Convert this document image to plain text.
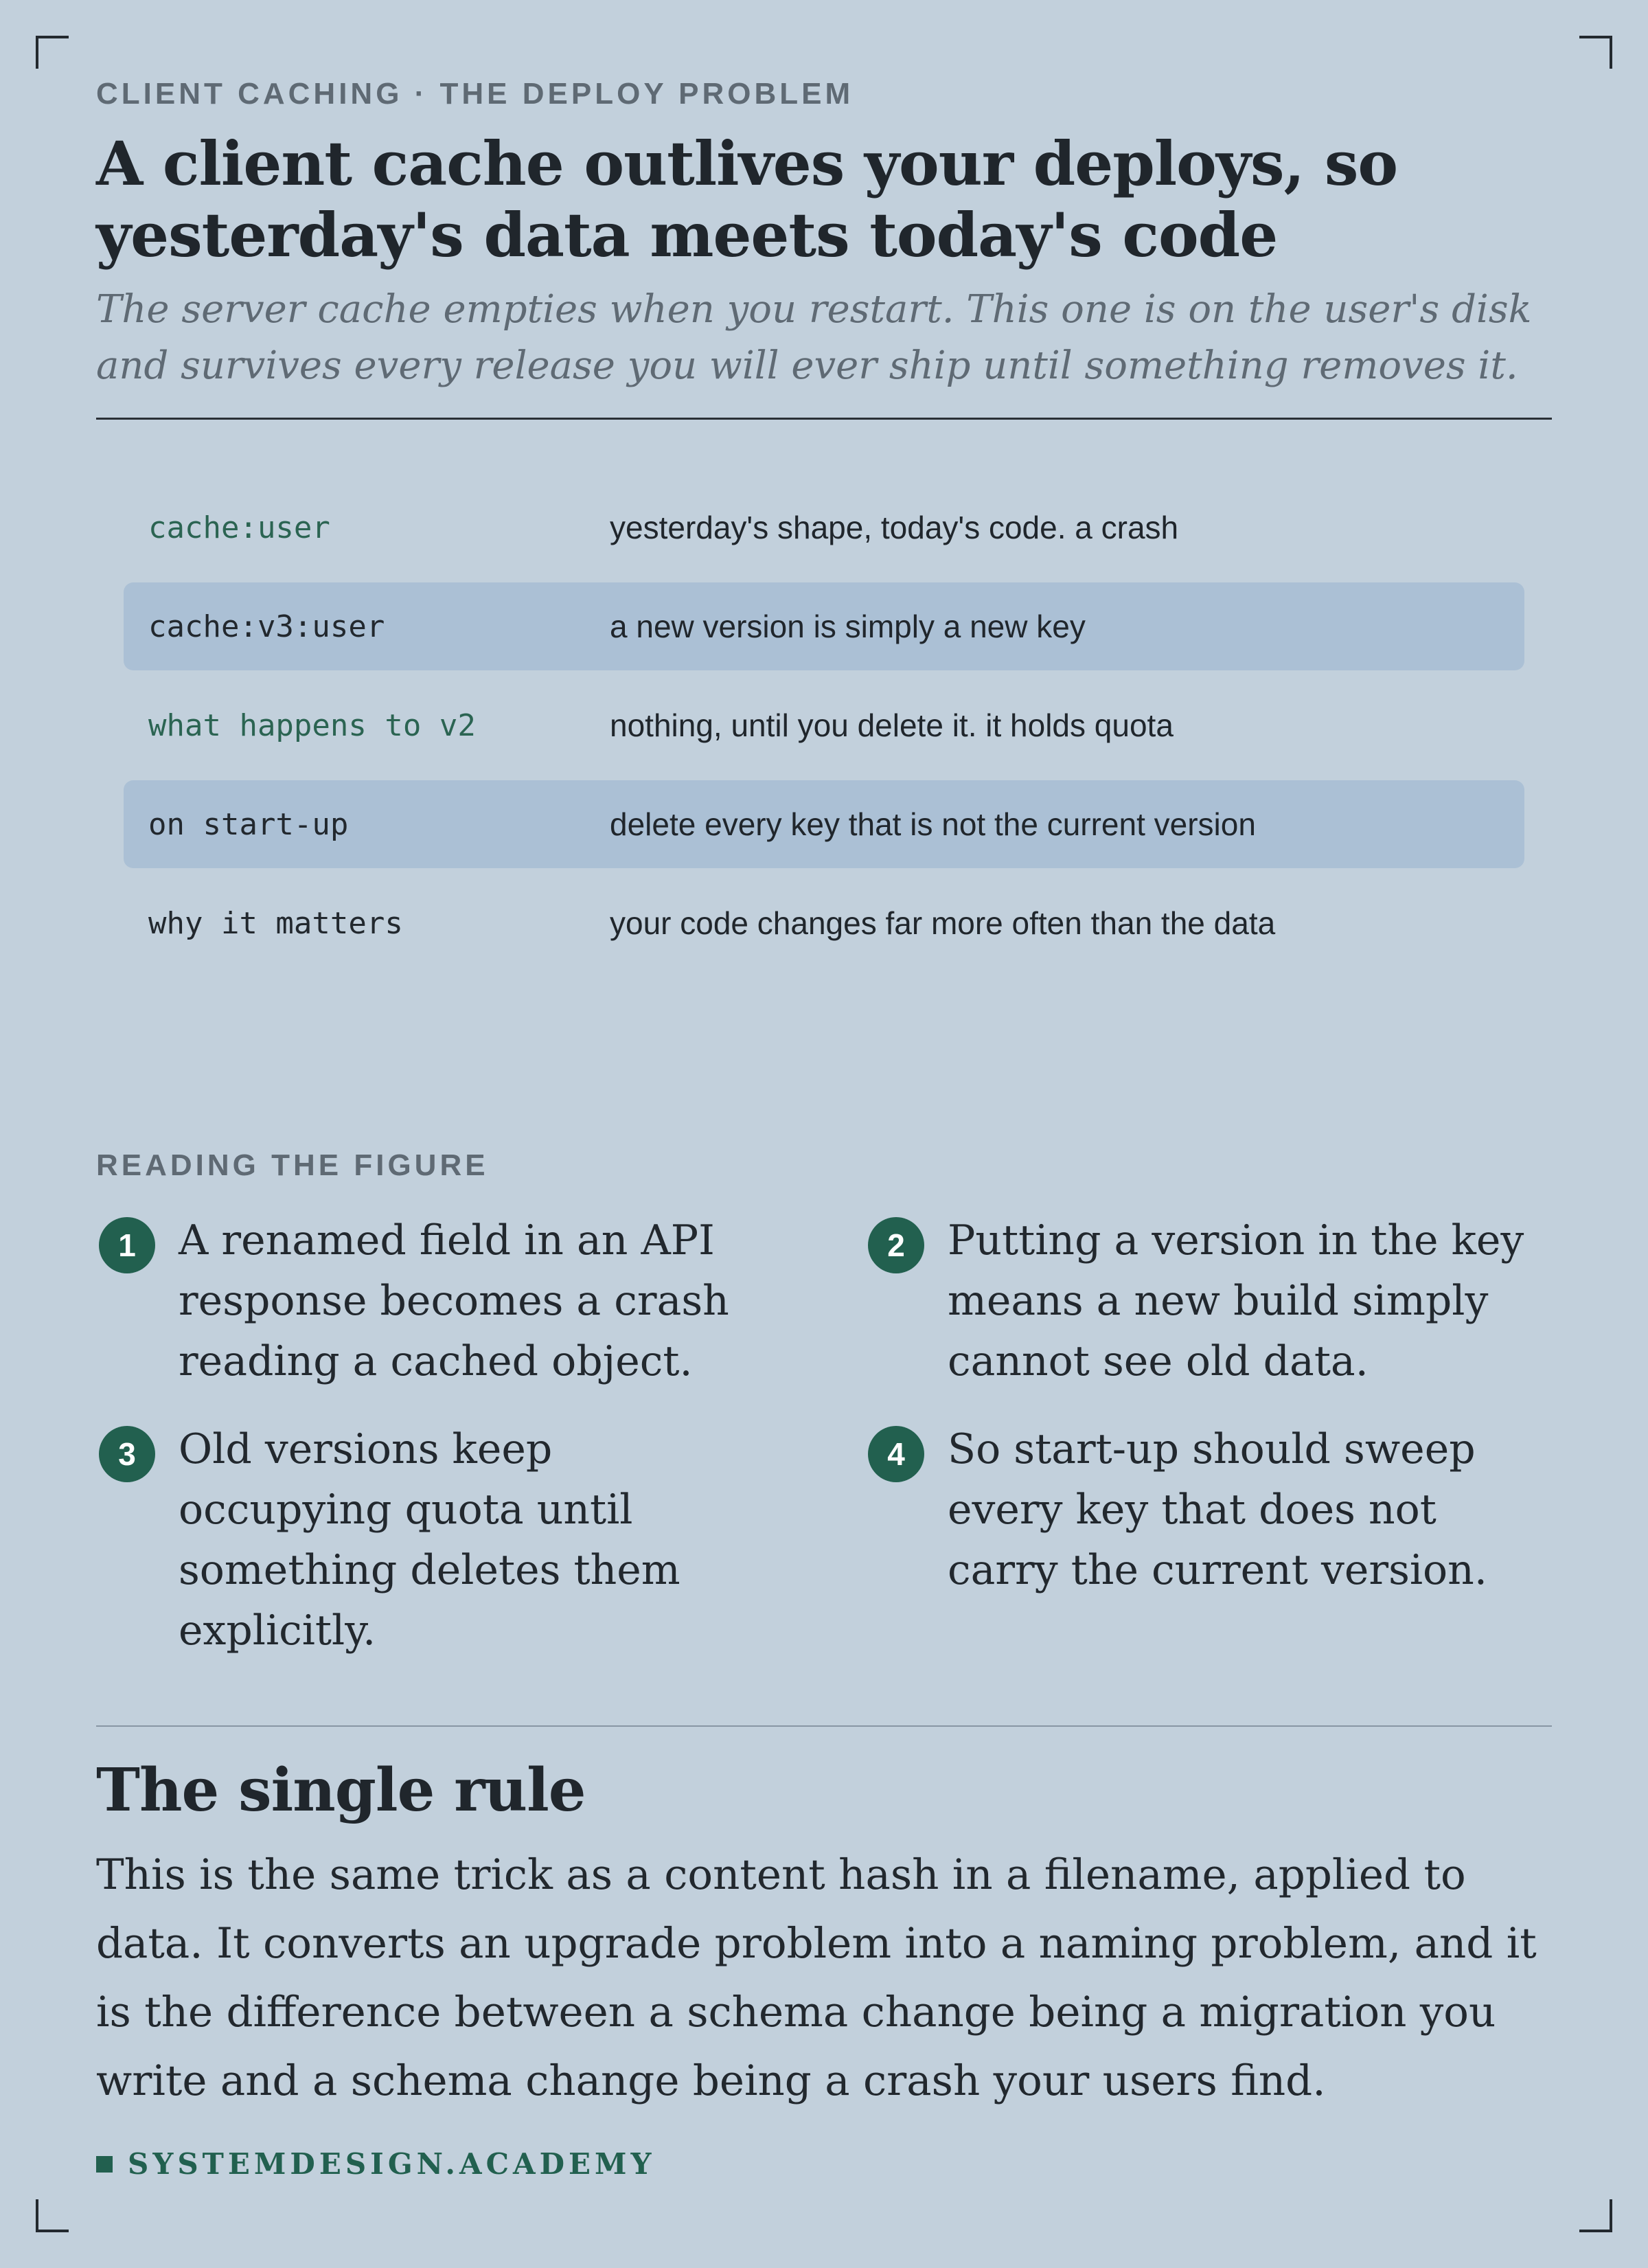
CLIENT CACHING · THE DEPLOY PROBLEM
A client cache outlives your deploys, so yesterday's data meets today's code

The server cache empties when you restart. This one is on the user's disk and survives every release you will ever ship until something removes it.

cache:user	yesterday's shape, today's code. a crash
cache:v3:user	a new version is simply a new key
what happens to v2	nothing, until you delete it. it holds quota
on start-up	delete every key that is not the current version
why it matters	your code changes far more often than the data
READING THE FIGURE
1	A renamed field in an API response becomes a crash reading a cached object.
2	Putting a version in the key means a new build simply cannot see old data.
3	Old versions keep occupying quota until something deletes them explicitly.
4	So start-up should sweep every key that does not carry the current version.
The single rule

This is the same trick as a content hash in a filename, applied to data. It converts an upgrade problem into a naming problem, and it is the difference between a schema change being a migration you write and a schema change being a crash your users find.

SYSTEMDESIGN.ACADEMY
